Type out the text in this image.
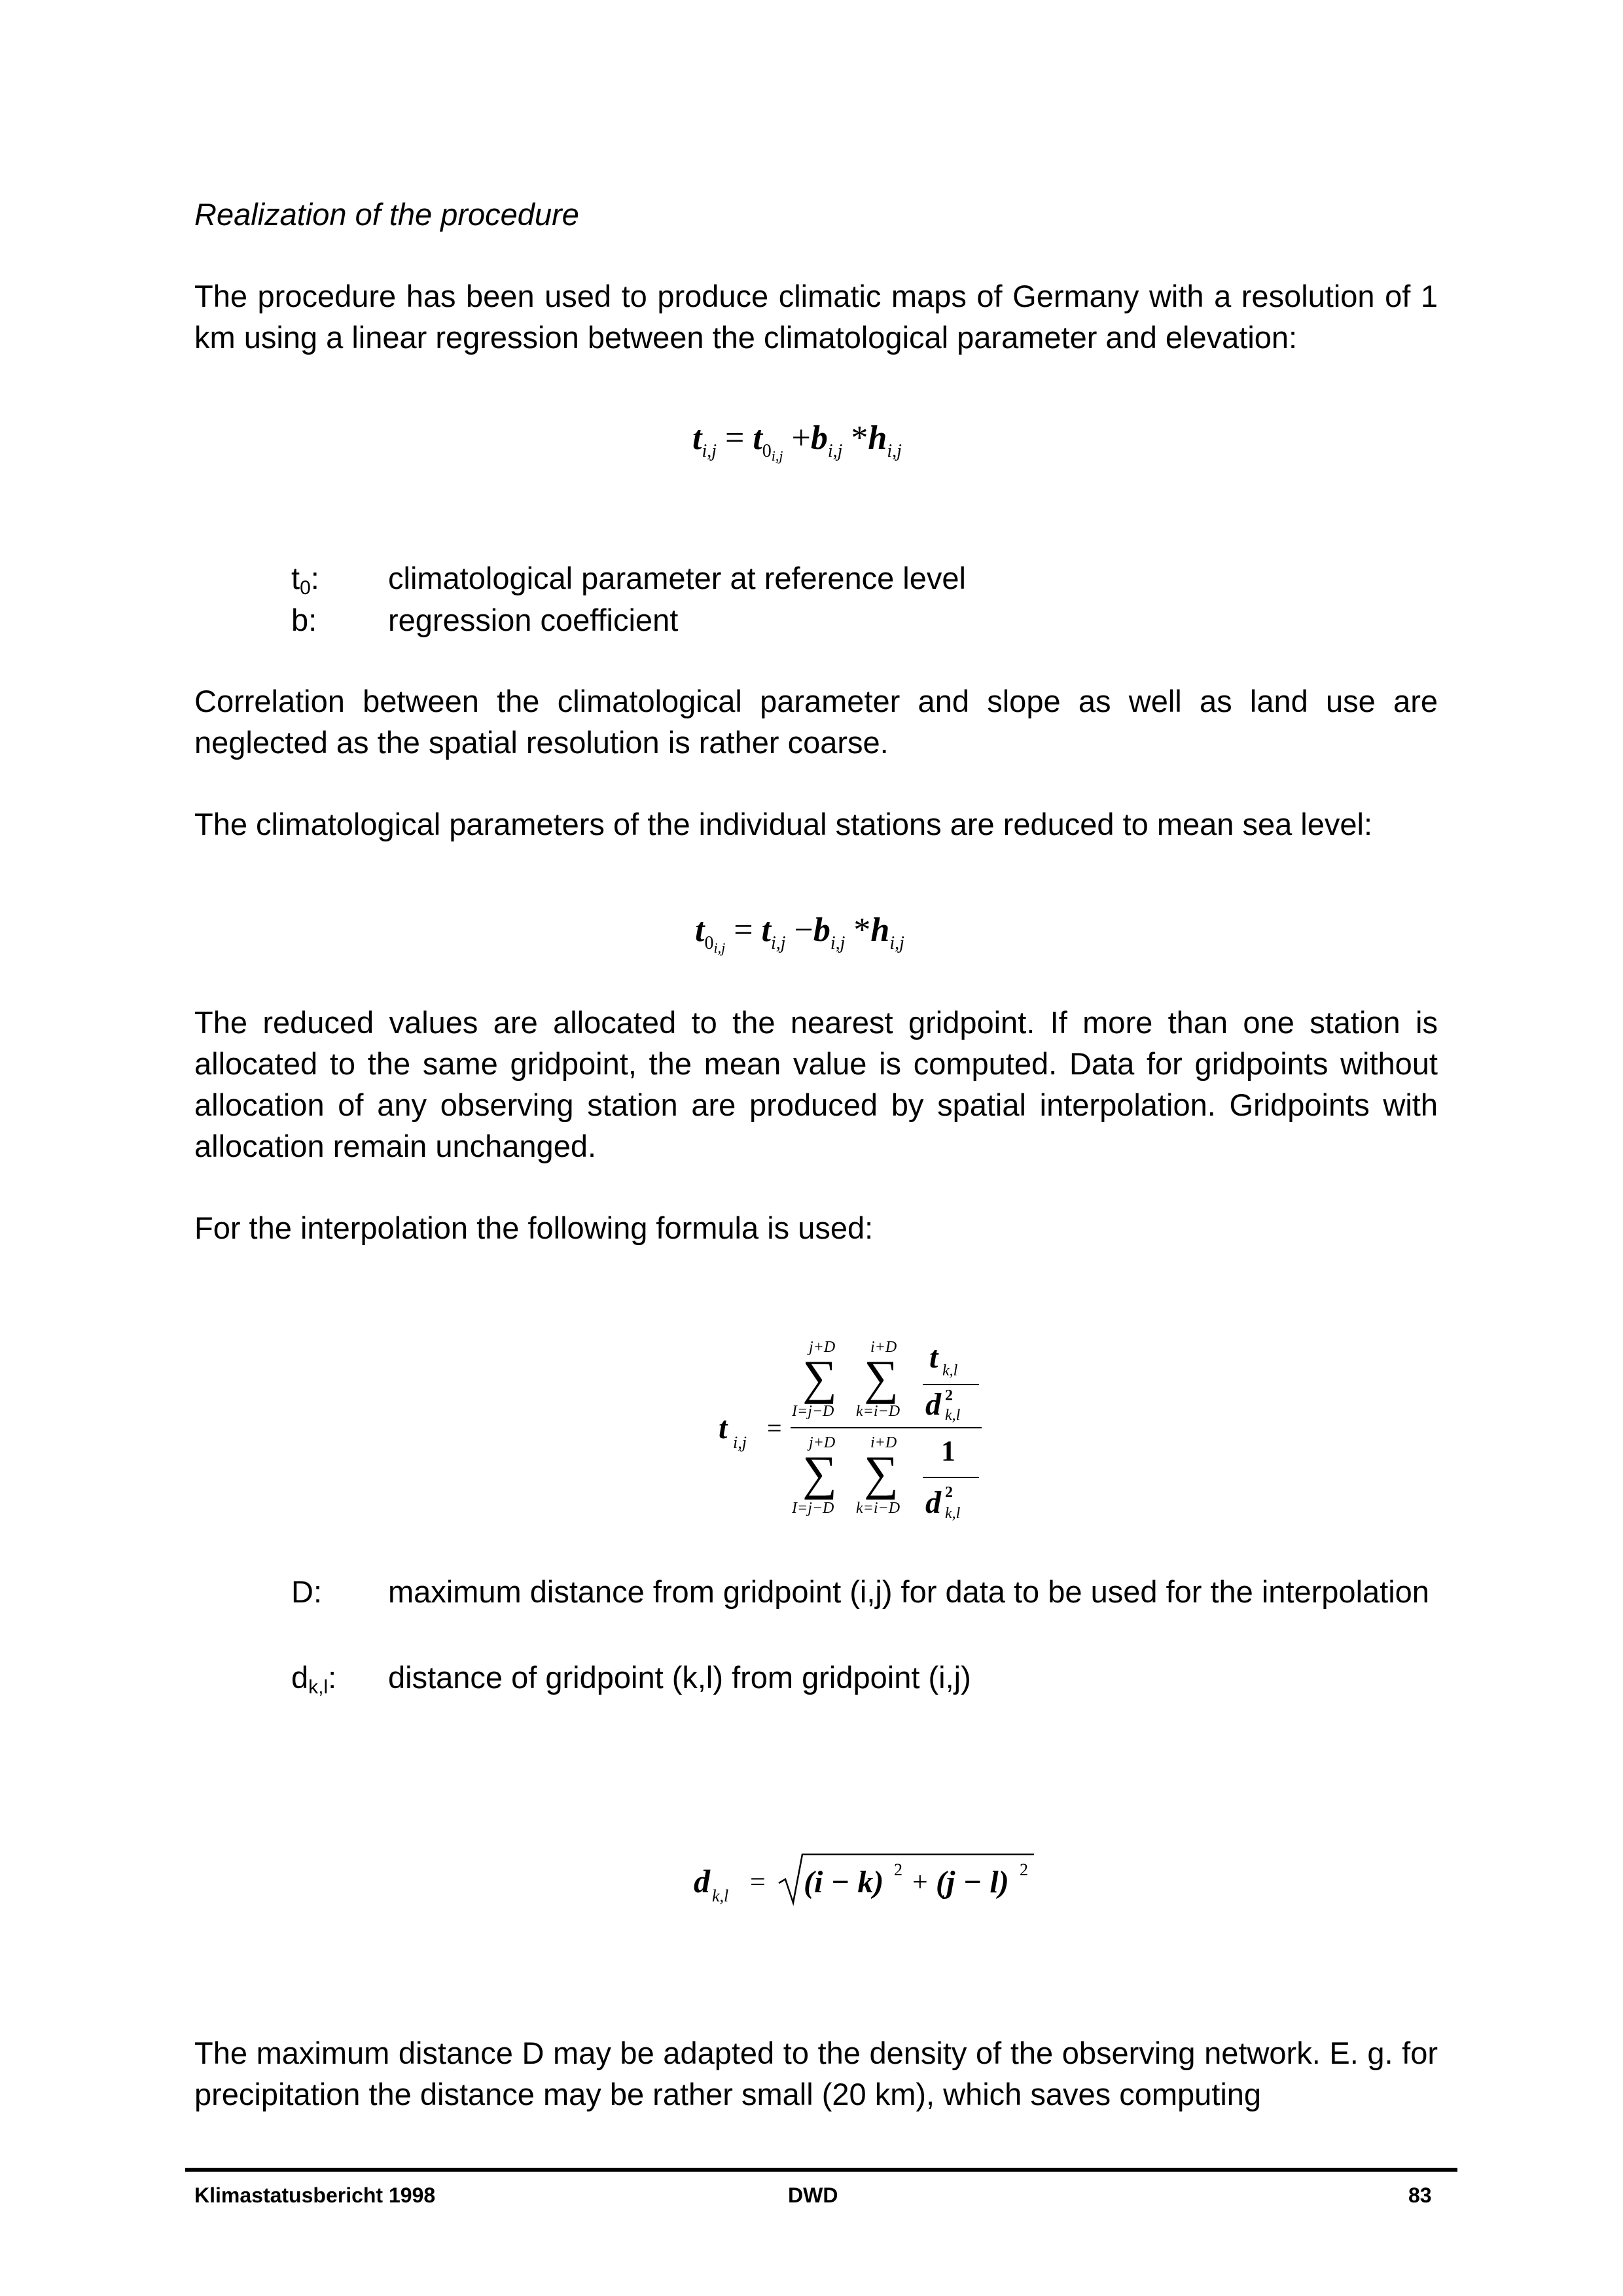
Realization of the procedure

The procedure has been used to produce climatic maps of Germany with a resolution of 1 km using a linear regression between the climatological parameter and elevation:

$t_{i,j} = t_{0i,j} +b_{i,j}$ $*h_{i,j}$
t0: climatological parameter at reference level
b: regression coefficient

Correlation between the climatological parameter and slope as well as land use are neglected as the spatial resolution is rather coarse.

The climatological parameters of the individual stations are reduced to mean sea level:

$t_{0i,j} = t_{i,j} -b_{i,j}$ $*h_{i,j}$

The reduced values are allocated to the nearest gridpoint. If more than one station is allocated to the same gridpoint, the mean value is computed. Data for gridpoints without allocation of any observing station are produced by spatial interpolation. Gridpoints with allocation remain unchanged.

For the interpolation the following formula is used:

t i,j =
j+D
∑
I=j−D
i+D
∑
k=i−D
t k,l
d 2
k,l
j+D
∑
I=j−D
i+D
∑
k=i−D
1
d 2
k,l
D: maximum distance from gridpoint (i,j) for data to be used for the interpolation
dk,l: distance of gridpoint (k,l) from gridpoint (i,j)
d k,l = (i − k) 2 + (j − l) 2

The maximum distance D may be adapted to the density of the observing network. E. g. for precipitation the distance may be rather small (20 km), which saves computing

Klimastatusbericht 1998	DWD	83
